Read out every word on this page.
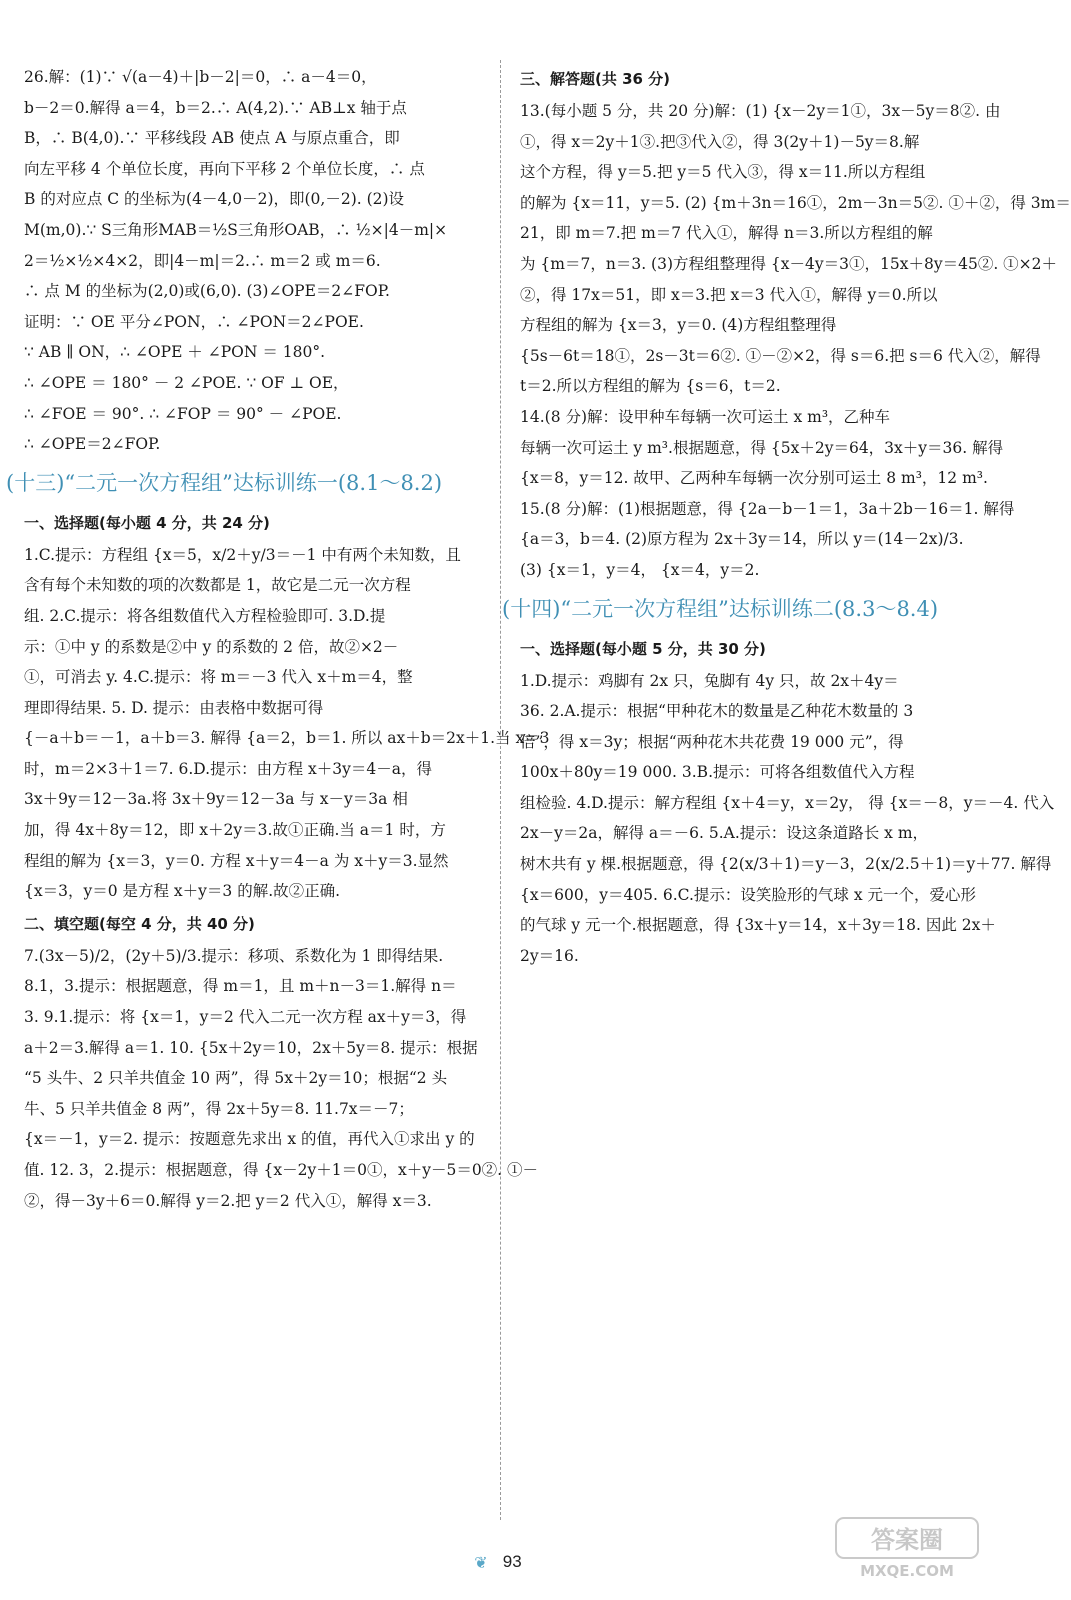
26.解：(1)∵ √(a－4)＋|b－2|＝0，∴ a－4＝0，
b－2＝0.解得 a＝4，b＝2.∴ A(4,2).∵ AB⊥x 轴于点
B，∴ B(4,0).∵ 平移线段 AB 使点 A 与原点重合，即
向左平移 4 个单位长度，再向下平移 2 个单位长度，∴ 点
B 的对应点 C 的坐标为(4－4,0－2)，即(0,－2). (2)设
M(m,0).∵ S三角形MAB＝½S三角形OAB，∴ ½×|4－m|×
2＝½×½×4×2，即|4－m|＝2.∴ m＝2 或 m＝6.
∴ 点 M 的坐标为(2,0)或(6,0). (3)∠OPE＝2∠FOP.
证明：∵ OE 平分∠PON，∴ ∠PON＝2∠POE.
∵ AB ∥ ON，∴ ∠OPE ＋ ∠PON ＝ 180°.
∴ ∠OPE ＝ 180° － 2 ∠POE. ∵ OF ⊥ OE，
∴ ∠FOE ＝ 90°. ∴ ∠FOP ＝ 90° － ∠POE.
∴ ∠OPE＝2∠FOP.
(十三)“二元一次方程组”达标训练一(8.1～8.2)
一、选择题(每小题 4 分，共 24 分)
1.C.提示：方程组 {x＝5，x/2＋y/3＝－1 中有两个未知数，且
含有每个未知数的项的次数都是 1，故它是二元一次方程
组. 2.C.提示：将各组数值代入方程检验即可. 3.D.提
示：①中 y 的系数是②中 y 的系数的 2 倍，故②×2－
①，可消去 y. 4.C.提示：将 m＝－3 代入 x＋m＝4，整
理即得结果. 5. D. 提示：由表格中数据可得
{－a＋b＝－1，a＋b＝3. 解得 {a＝2，b＝1. 所以 ax＋b＝2x＋1.当 x＝3
时，m＝2×3＋1＝7. 6.D.提示：由方程 x＋3y＝4－a，得
3x＋9y＝12－3a.将 3x＋9y＝12－3a 与 x－y＝3a 相
加，得 4x＋8y＝12，即 x＋2y＝3.故①正确.当 a＝1 时，方
程组的解为 {x＝3，y＝0. 方程 x＋y＝4－a 为 x＋y＝3.显然
{x＝3，y＝0 是方程 x＋y＝3 的解.故②正确.
二、填空题(每空 4 分，共 40 分)
7.(3x－5)/2，(2y＋5)/3.提示：移项、系数化为 1 即得结果.
8.1，3.提示：根据题意，得 m＝1，且 m＋n－3＝1.解得 n＝
3. 9.1.提示：将 {x＝1，y＝2 代入二元一次方程 ax＋y＝3，得
a＋2＝3.解得 a＝1. 10. {5x＋2y＝10，2x＋5y＝8. 提示：根据
“5 头牛、2 只羊共值金 10 两”，得 5x＋2y＝10；根据“2 头
牛、5 只羊共值金 8 两”，得 2x＋5y＝8. 11.7x＝－7；
{x＝－1，y＝2. 提示：按题意先求出 x 的值，再代入①求出 y 的
值. 12. 3，2.提示：根据题意，得 {x－2y＋1＝0①，x＋y－5＝0②. ①－
②，得－3y＋6＝0.解得 y＝2.把 y＝2 代入①，解得 x＝3.
三、解答题(共 36 分)
13.(每小题 5 分，共 20 分)解：(1) {x－2y＝1①，3x－5y＝8②. 由
①，得 x＝2y＋1③.把③代入②，得 3(2y＋1)－5y＝8.解
这个方程，得 y＝5.把 y＝5 代入③，得 x＝11.所以方程组
的解为 {x＝11，y＝5. (2) {m＋3n＝16①，2m－3n＝5②. ①＋②，得 3m＝
21，即 m＝7.把 m＝7 代入①，解得 n＝3.所以方程组的解
为 {m＝7，n＝3. (3)方程组整理得 {x－4y＝3①，15x＋8y＝45②. ①×2＋
②，得 17x＝51，即 x＝3.把 x＝3 代入①，解得 y＝0.所以
方程组的解为 {x＝3，y＝0. (4)方程组整理得
{5s－6t＝18①，2s－3t＝6②. ①－②×2，得 s＝6.把 s＝6 代入②，解得
t＝2.所以方程组的解为 {s＝6，t＝2.
14.(8 分)解：设甲种车每辆一次可运土 x m³，乙种车
每辆一次可运土 y m³.根据题意，得 {5x＋2y＝64，3x＋y＝36. 解得
{x＝8，y＝12. 故甲、乙两种车每辆一次分别可运土 8 m³，12 m³.
15.(8 分)解：(1)根据题意，得 {2a－b－1＝1，3a＋2b－16＝1. 解得
{a＝3，b＝4. (2)原方程为 2x＋3y＝14，所以 y＝(14－2x)/3.
(3) {x＝1，y＝4， {x＝4，y＝2.
(十四)“二元一次方程组”达标训练二(8.3～8.4)
一、选择题(每小题 5 分，共 30 分)
1.D.提示：鸡脚有 2x 只，兔脚有 4y 只，故 2x＋4y＝
36. 2.A.提示：根据“甲种花木的数量是乙种花木数量的 3
倍”，得 x＝3y；根据“两种花木共花费 19 000 元”，得
100x＋80y＝19 000. 3.B.提示：可将各组数值代入方程
组检验. 4.D.提示：解方程组 {x＋4＝y，x＝2y， 得 {x＝－8，y＝－4. 代入
2x－y＝2a，解得 a＝－6. 5.A.提示：设这条道路长 x m，
树木共有 y 棵.根据题意，得 {2(x/3＋1)＝y－3，2(x/2.5＋1)＝y＋77. 解得
{x＝600，y＝405. 6.C.提示：设笑脸形的气球 x 元一个，爱心形
的气球 y 元一个.根据题意，得 {3x＋y＝14，x＋3y＝18. 因此 2x＋
2y＝16.
❦ 93
答案圈
MXQE.COM
